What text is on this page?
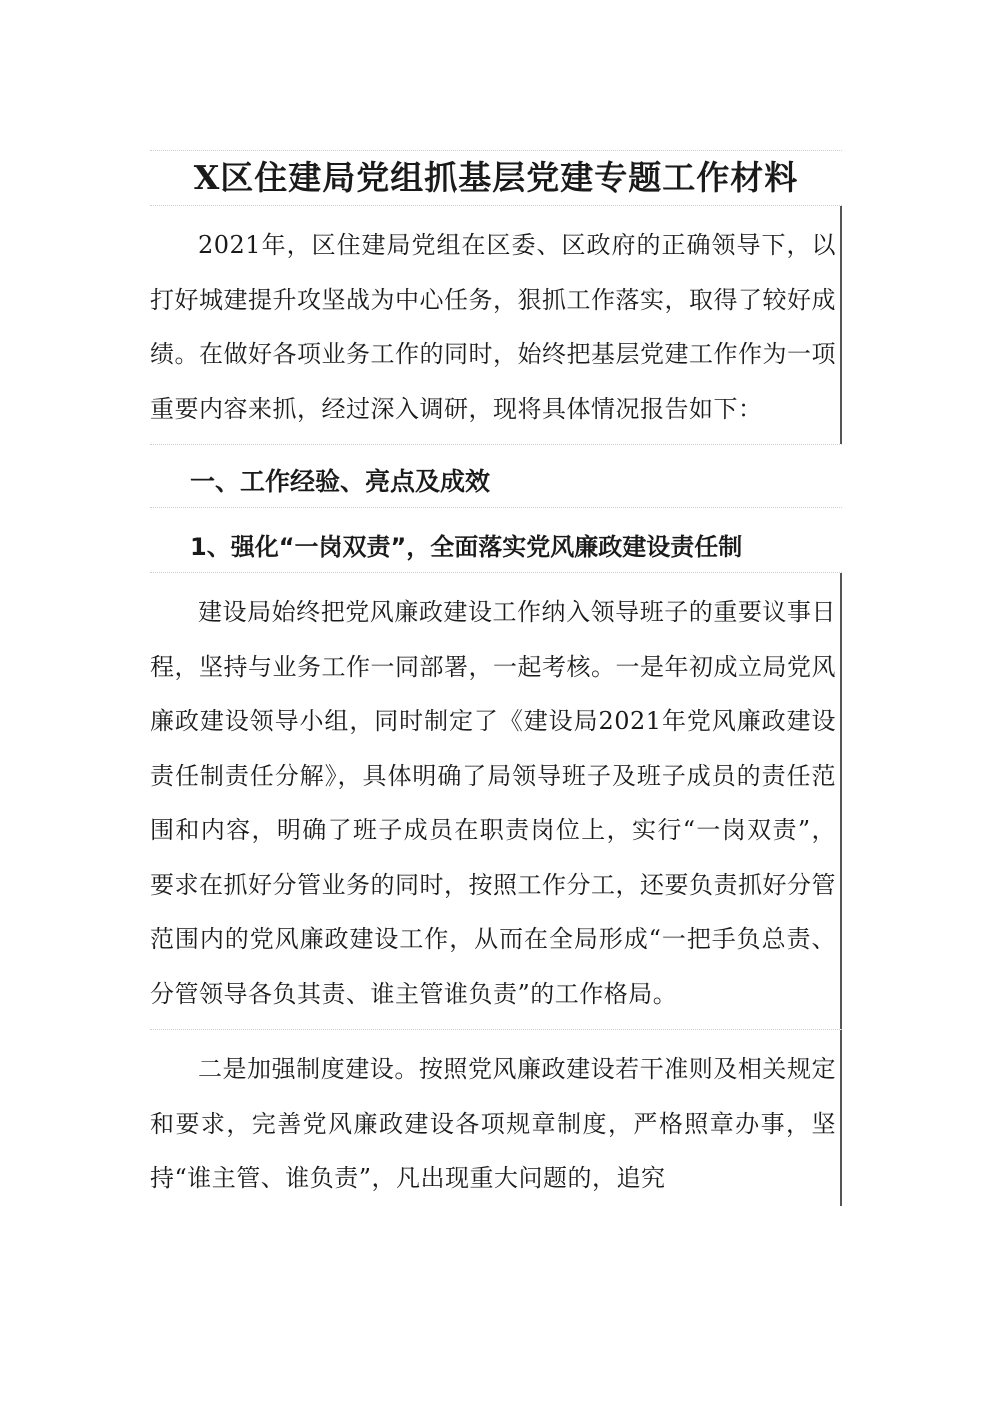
X区住建局党组抓基层党建专题工作材料

2021年，区住建局党组在区委、区政府的正确领导下，以打好城建提升攻坚战为中心任务，狠抓工作落实，取得了较好成绩。在做好各项业务工作的同时，始终把基层党建工作作为一项重要内容来抓，经过深入调研，现将具体情况报告如下：

一、工作经验、亮点及成效
1、强化“一岗双责”，全面落实党风廉政建设责任制

建设局始终把党风廉政建设工作纳入领导班子的重要议事日程，坚持与业务工作一同部署，一起考核。一是年初成立局党风廉政建设领导小组，同时制定了《建设局2021年党风廉政建设责任制责任分解》，具体明确了局领导班子及班子成员的责任范围和内容，明确了班子成员在职责岗位上，实行“一岗双责”，要求在抓好分管业务的同时，按照工作分工，还要负责抓好分管范围内的党风廉政建设工作，从而在全局形成“一把手负总责、分管领导各负其责、谁主管谁负责”的工作格局。

二是加强制度建设。按照党风廉政建设若干准则及相关规定和要求，完善党风廉政建设各项规章制度，严格照章办事，坚持“谁主管、谁负责”，凡出现重大问题的，追究
